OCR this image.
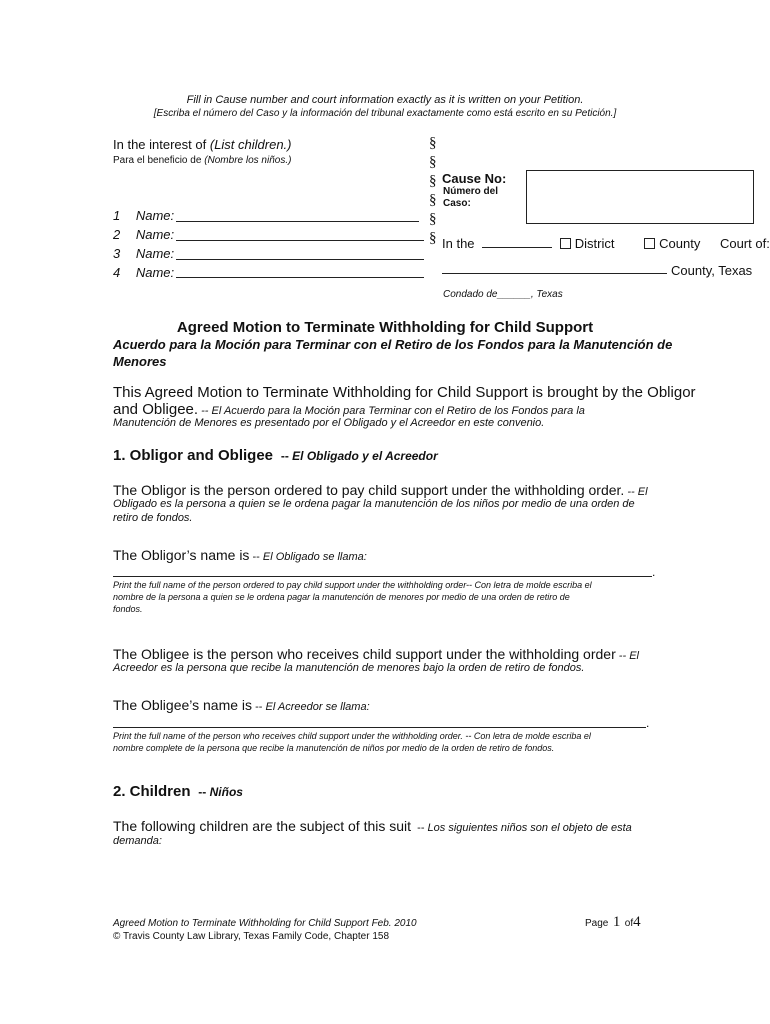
Fill in Cause number and court information exactly as it is written on your Petition.
[Escriba el número del Caso y la información del tribunal exactamente como está escrito en su Petición.]
In the interest of (List children.)
Para el beneficio de (Nombre los niños.)
1 Name:
2 Name:
3 Name:
4 Name:
§
§
§
§
§
§
Cause No:
Número del
Caso:
In the	District	County Court of:
County, Texas
Condado de______, Texas
Agreed Motion to Terminate Withholding for Child Support
Acuerdo para la Moción para Terminar con el Retiro de los Fondos para la Manutención de Menores
This Agreed Motion to Terminate Withholding for Child Support is brought by the Obligor
and Obligee. -- El Acuerdo para la Moción para Terminar con el Retiro de los Fondos para la
Manutención de Menores es presentado por el Obligado y el Acreedor en este convenio.
1. Obligor and Obligee  -- El Obligado y el Acreedor
The Obligor is the person ordered to pay child support under the withholding order. -- El
Obligado es la persona a quien se le ordena pagar la manutención de los niños por medio de una orden de
retiro de fondos.
The Obligor’s name is -- El Obligado se llama:
.
Print the full name of the person ordered to pay child support under the withholding order-- Con letra de molde escriba el
nombre de la persona a quien se le ordena pagar la manutención de menores por medio de una orden de retiro de
fondos.
The Obligee is the person who receives child support under the withholding order -- El
Acreedor es la persona que recibe la manutención de menores bajo la orden de retiro de fondos.
The Obligee’s name is -- El Acreedor se llama:
.
Print the full name of the person who receives child support under the withholding order. -- Con letra de molde escriba el
nombre complete de la persona que recibe la manutención de niños por medio de la orden de retiro de fondos.
2. Children  -- Niños
The following children are the subject of this suit  -- Los siguientes niños son el objeto de esta
demanda:
Agreed Motion to Terminate Withholding for Child Support Feb. 2010
© Travis County Law Library, Texas Family Code, Chapter 158
Page 1 of4
